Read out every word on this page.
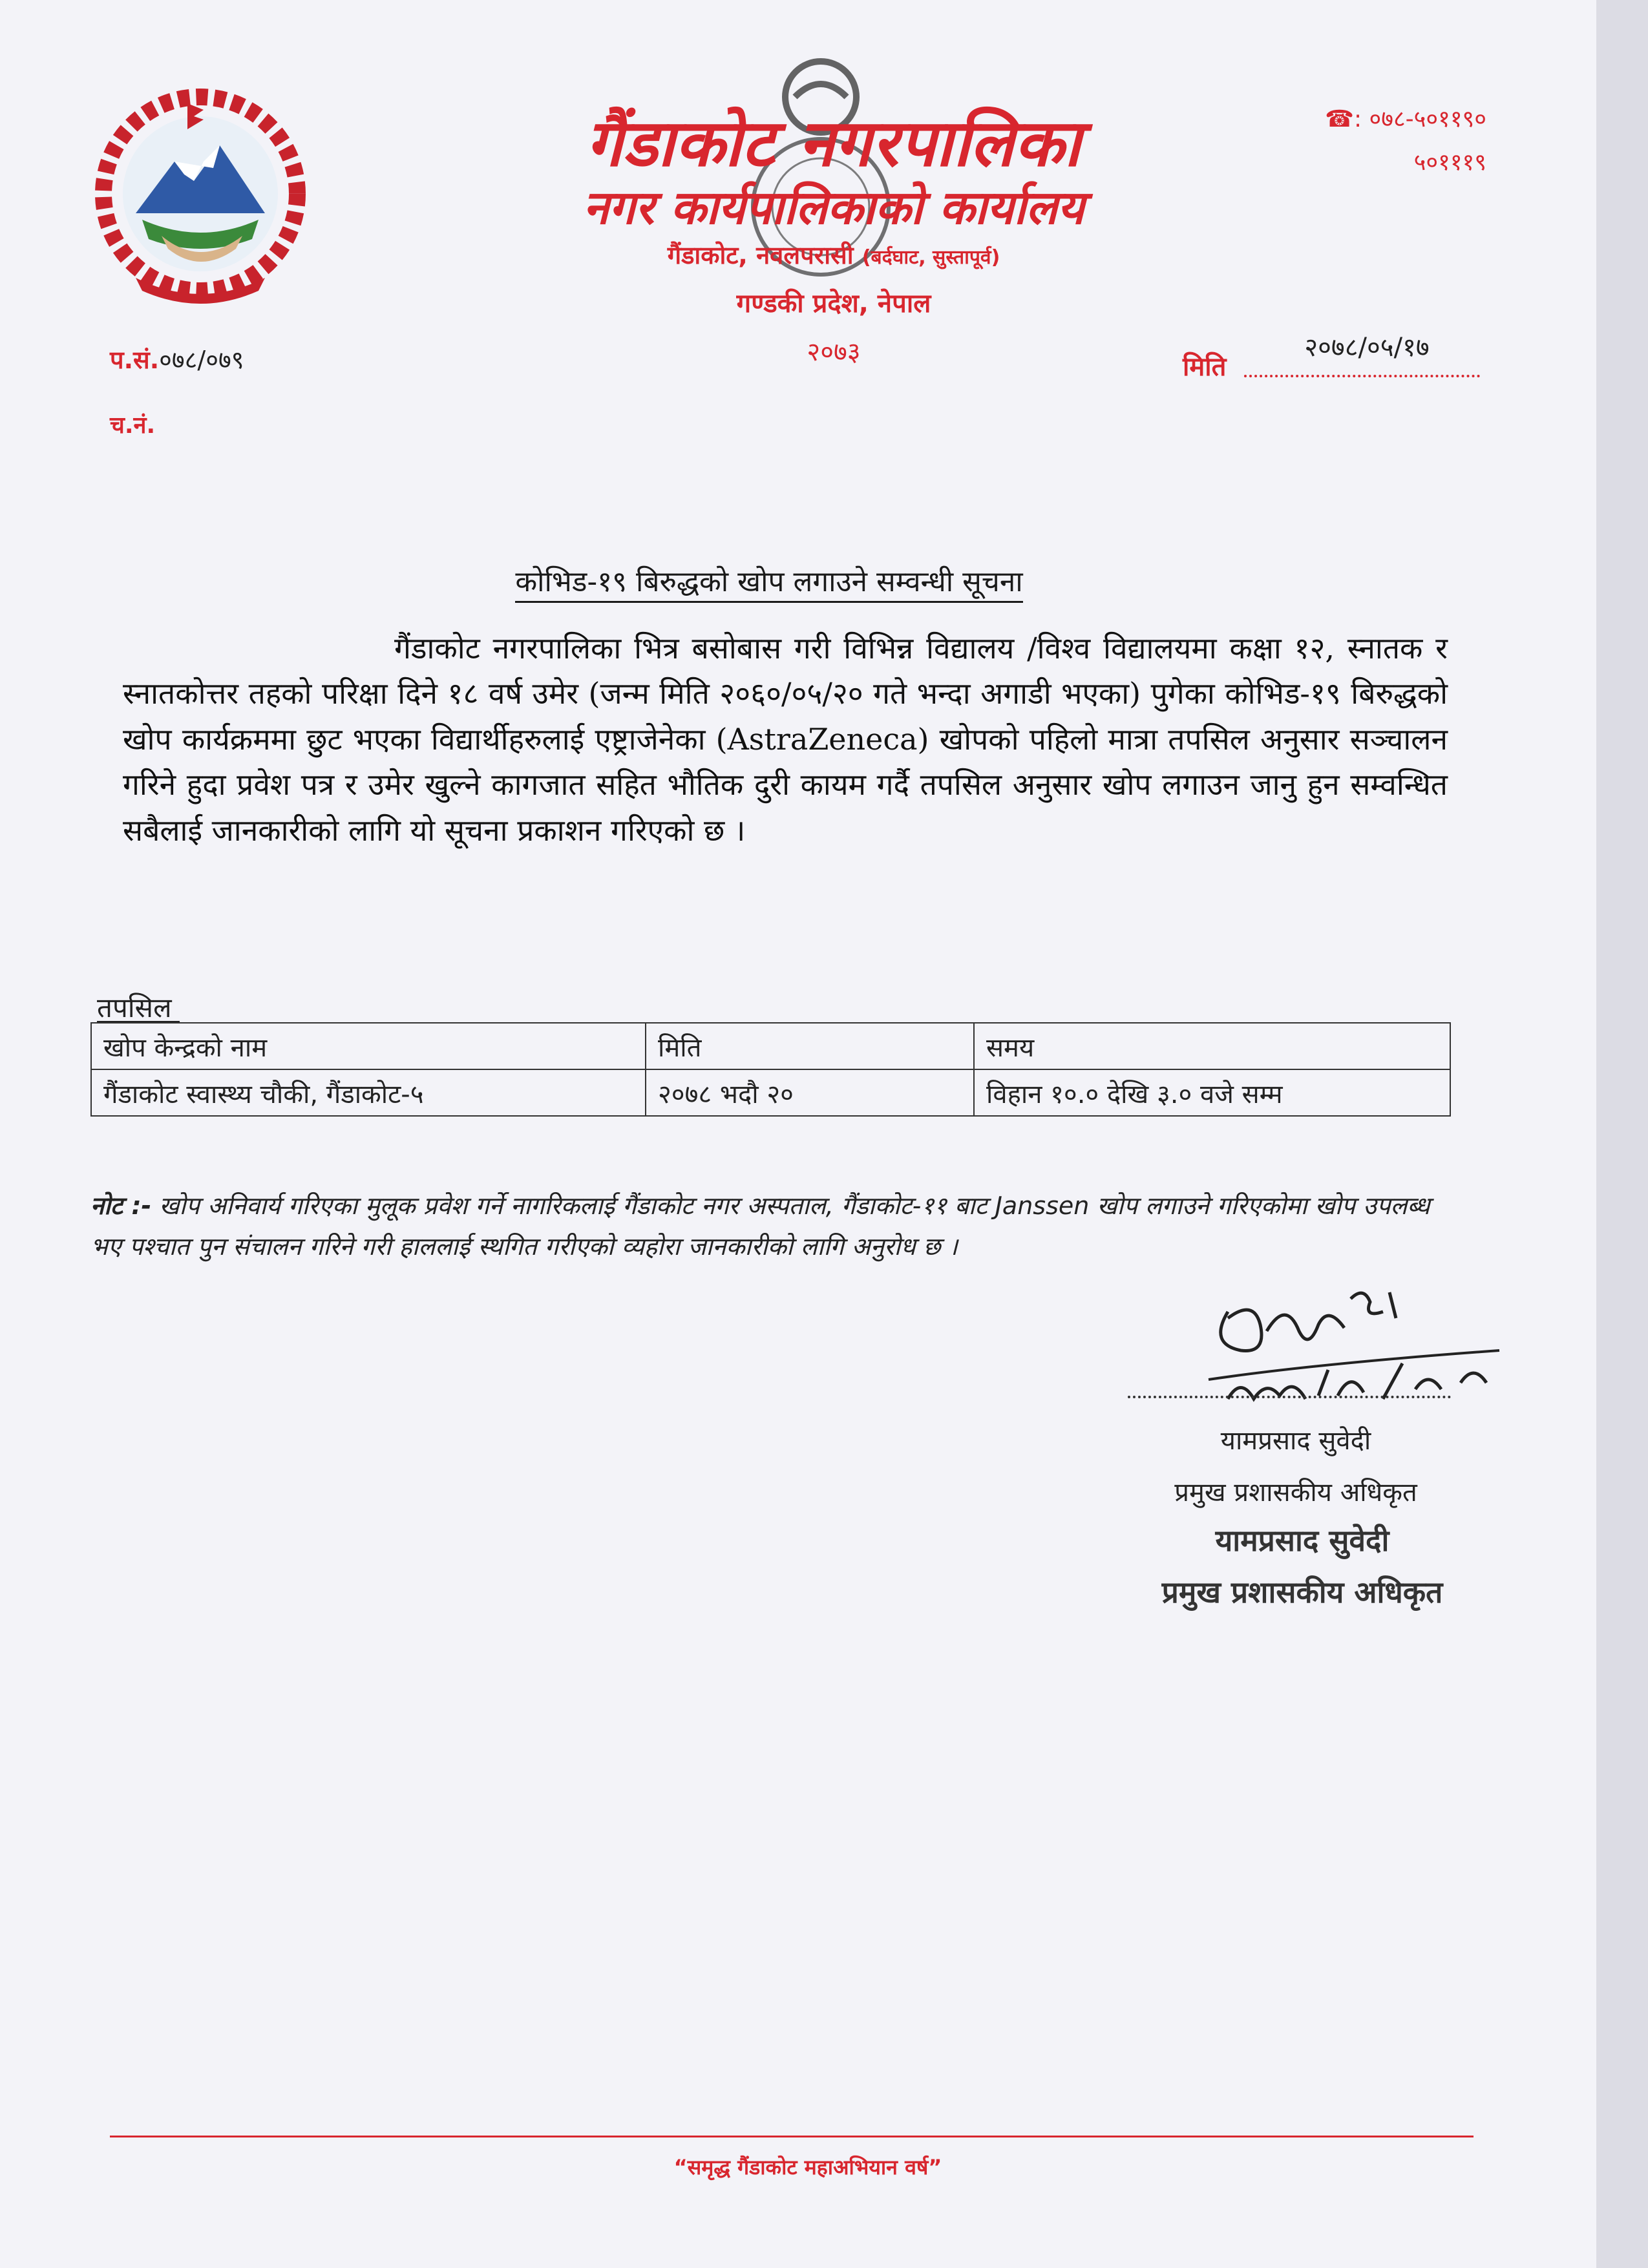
गैंडाकोट नगरपालिका
नगर कार्यपालिकाको कार्यालय
गैंडाकोट, नवलपरासी (बर्दघाट, सुस्तापूर्व)
गण्डकी प्रदेश, नेपाल
२०७३
☎: ०७८-५०११९०
५०१११९
प.सं.०७८/०७९
च.नं.
मिति
२०७८/०५/१७
कोभिड-१९ बिरुद्धको खोप लगाउने सम्वन्धी सूचना
गैंडाकोट नगरपालिका भित्र बसोबास गरी विभिन्न विद्यालय /विश्व विद्यालयमा कक्षा १२, स्नातक र स्नातकोत्तर तहको परिक्षा दिने १८ वर्ष उमेर (जन्म मिति २०६०/०५/२० गते भन्दा अगाडी भएका) पुगेका कोभिड-१९ बिरुद्धको खोप कार्यक्रममा छुट भएका विद्यार्थीहरुलाई एष्ट्राजेनेका (AstraZeneca) खोपको पहिलो मात्रा तपसिल अनुसार सञ्चालन गरिने हुदा प्रवेश पत्र र उमेर खुल्ने कागजात सहित भौतिक दुरी कायम गर्दै तपसिल अनुसार खोप लगाउन जानु हुन सम्वन्धित सबैलाई जानकारीको लागि यो सूचना प्रकाशन गरिएको छ ।
तपसिल
खोप केन्द्रको नाम	मिति	समय
गैंडाकोट स्वास्थ्य चौकी, गैंडाकोट-५	२०७८ भदौ २०	विहान १०.० देखि ३.० वजे सम्म
नोट :- खोप अनिवार्य गरिएका मुलूक प्रवेश गर्ने नागरिकलाई गैंडाकोट नगर अस्पताल, गैंडाकोट-११ बाट Janssen खोप लगाउने गरिएकोमा खोप उपलब्ध भए पश्चात पुन संचालन गरिने गरी हाललाई स्थगित गरीएको व्यहोरा जानकारीको लागि अनुरोध छ ।
यामप्रसाद सुवेदी
प्रमुख प्रशासकीय अधिकृत
यामप्रसाद सुवेदी
प्रमुख प्रशासकीय अधिकृत
“समृद्ध गैंडाकोट महाअभियान वर्ष”
